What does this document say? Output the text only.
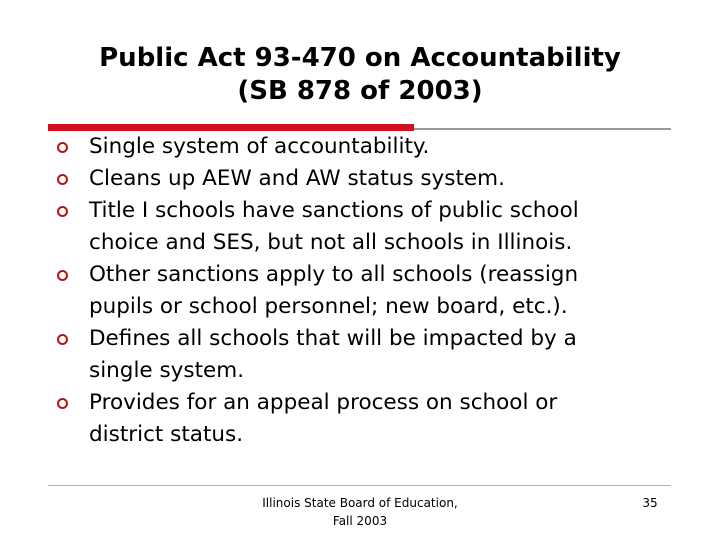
Public Act 93-470 on Accountability
(SB 878 of 2003)
Single system of accountability.
Cleans up AEW and AW status system.
Title I schools have sanctions of public school
choice and SES, but not all schools in Illinois.
Other sanctions apply to all schools (reassign
pupils or school personnel; new board, etc.).
Defines all schools that will be impacted by a
single system.
Provides for an appeal process on school or
district status.
Illinois State Board of Education,
Fall 2003
35
